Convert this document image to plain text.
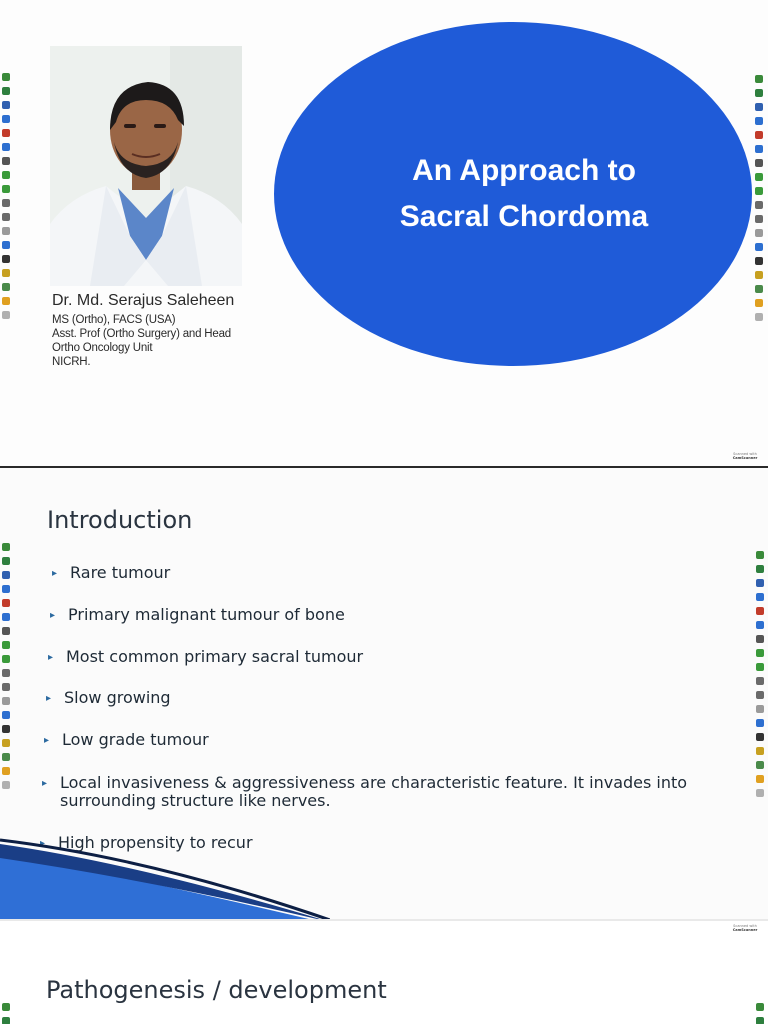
Dr. Md. Serajus Saleheen
MS (Ortho), FACS (USA)
Asst. Prof (Ortho Surgery) and Head
Ortho Oncology Unit
NICRH.
An Approach to
Sacral Chordoma
Scanned with
CamScanner
Introduction
▸ Rare tumour
▸ Primary malignant tumour of bone
▸ Most common primary sacral tumour
▸ Slow growing
▸ Low grade tumour
▸ Local invasiveness & aggressiveness are characteristic feature. It invades into surrounding structure like nerves.
▸ High propensity to recur
Scanned with
CamScanner
Pathogenesis / development
